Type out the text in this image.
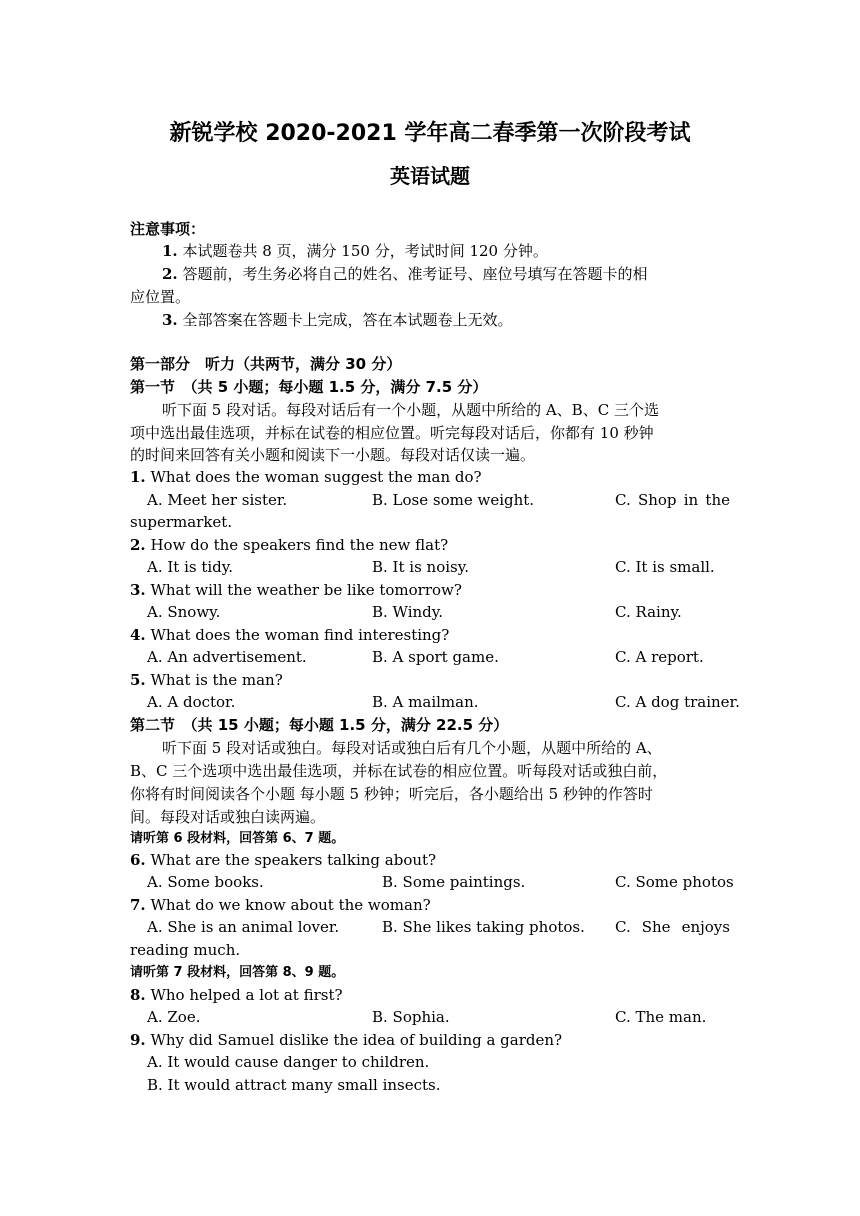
新锐学校 2020-2021 学年高二春季第一次阶段考试
英语试题
注意事项：
1. 本试题卷共 8 页，满分 150 分，考试时间 120 分钟。
2. 答题前，考生务必将自己的姓名、准考证号、座位号填写在答题卡的相
应位置。
3. 全部答案在答题卡上完成，答在本试题卷上无效。
第一部分　听力（共两节，满分 30 分）
第一节　（共 5 小题；每小题 1.5 分，满分 7.5 分）
听下面 5 段对话。每段对话后有一个小题，从题中所给的 A、B、C 三个选
项中选出最佳选项，并标在试卷的相应位置。听完每段对话后，你都有 10 秒钟
的时间来回答有关小题和阅读下一小题。每段对话仅读一遍。
1. What does the woman suggest the man do?
A. Meet her sister.	B. Lose some weight.	C. Shop in the
supermarket.
2. How do the speakers find the new flat?
A. It is tidy.	B. It is noisy.	C. It is small.
3. What will the weather be like tomorrow?
A. Snowy.	B. Windy.	C. Rainy.
4. What does the woman find interesting?
A. An advertisement.	B. A sport game.	C. A report.
5. What is the man?
A. A doctor.	B. A mailman.	C. A dog trainer.
第二节　（共 15 小题；每小题 1.5 分，满分 22.5 分）
听下面 5 段对话或独白。每段对话或独白后有几个小题，从题中所给的 A、
B、C 三个选项中选出最佳选项，并标在试卷的相应位置。听每段对话或独白前，
你将有时间阅读各个小题 每小题 5 秒钟；听完后，各小题给出 5 秒钟的作答时
间。每段对话或独白读两遍。
请听第 6 段材料，回答第 6、7 题。
6. What are the speakers talking about?
A. Some books.	B. Some paintings.	C. Some photos
7. What do we know about the woman?
A. She is an animal lover.	B. She likes taking photos. C. She enjoys
reading much.
请听第 7 段材料，回答第 8、9 题。
8. Who helped a lot at first?
A. Zoe.	B. Sophia.	C. The man.
9. Why did Samuel dislike the idea of building a garden?
A. It would cause danger to children.
B. It would attract many small insects.
